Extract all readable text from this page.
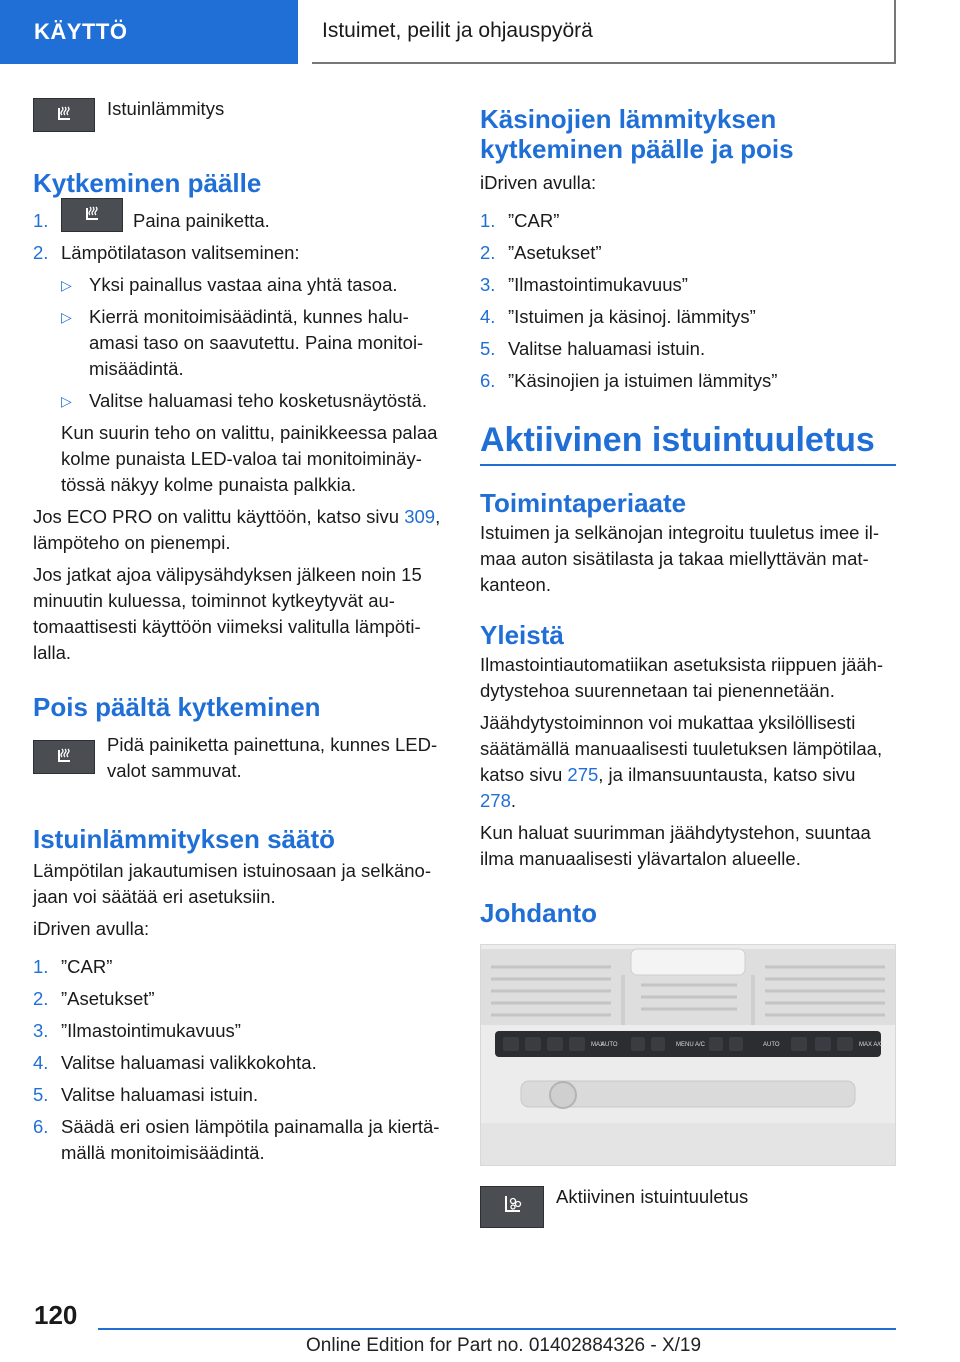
KÄYTTÖ	Istuimet, peilit ja ohjauspyörä
Istuinlämmitys
Kytkeminen päälle
1.	Paina painiketta.
2. Lämpötilatason valitseminen:
▷ Yksi painallus vastaa aina yhtä tasoa.
▷ Kierrä monitoimisäädintä, kunnes halu-amasi taso on saavutettu. Paina monitoi-misäädintä.
▷ Valitse haluamasi teho kosketusnäytöstä.

Kun suurin teho on valittu, painikkeessa palaa kolme punaista LED-valoa tai monitoiminäy-tössä näkyy kolme punaista palkkia.

Jos ECO PRO on valittu käyttöön, katso sivu 309, lämpöteho on pienempi.

Jos jatkat ajoa välipysähdyksen jälkeen noin 15 minuutin kuluessa, toiminnot kytkeytyvät au-tomaattisesti käyttöön viimeksi valitulla lämpöti-lalla.

Pois päältä kytkeminen
Pidä painiketta painettuna, kunnes LED-valot sammuvat.
Istuinlämmityksen säätö

Lämpötilan jakautumisen istuinosaan ja selkäno-jaan voi säätää eri asetuksiin.

iDriven avulla:

1. ”CAR”
2. ”Asetukset”
3. ”Ilmastointimukavuus”
4. Valitse haluamasi valikkokohta.
5. Valitse haluamasi istuin.
6. Säädä eri osien lämpötila painamalla ja kiertä-mällä monitoimisäädintä.
Käsinojien lämmityksen kytkeminen päälle ja pois

iDriven avulla:

1. ”CAR”
2. ”Asetukset”
3. ”Ilmastointimukavuus”
4. ”Istuimen ja käsinoj. lämmitys”
5. Valitse haluamasi istuin.
6. ”Käsinojien ja istuimen lämmitys”
Aktiivinen istuintuuletus
Toimintaperiaate

Istuimen ja selkänojan integroitu tuuletus imee il-maa auton sisätilasta ja takaa miellyttävän mat-kanteon.

Yleistä

Ilmastointiautomatiikan asetuksista riippuen jääh-dytystehoa suurennetaan tai pienennetään.

Jäähdytystoiminnon voi mukattaa yksilöllisesti säätämällä manuaalisesti tuuletuksen lämpötilaa, katso sivu 275, ja ilmansuuntausta, katso sivu 278.

Kun haluat suurimman jäähdytystehon, suuntaa ilma manuaalisesti ylävartalon alueelle.

Johdanto
MAX
AUTO	MENU A/C	AUTO	MAX A/C
Aktiivinen istuintuuletus
120
Online Edition for Part no. 01402884326 - X/19
